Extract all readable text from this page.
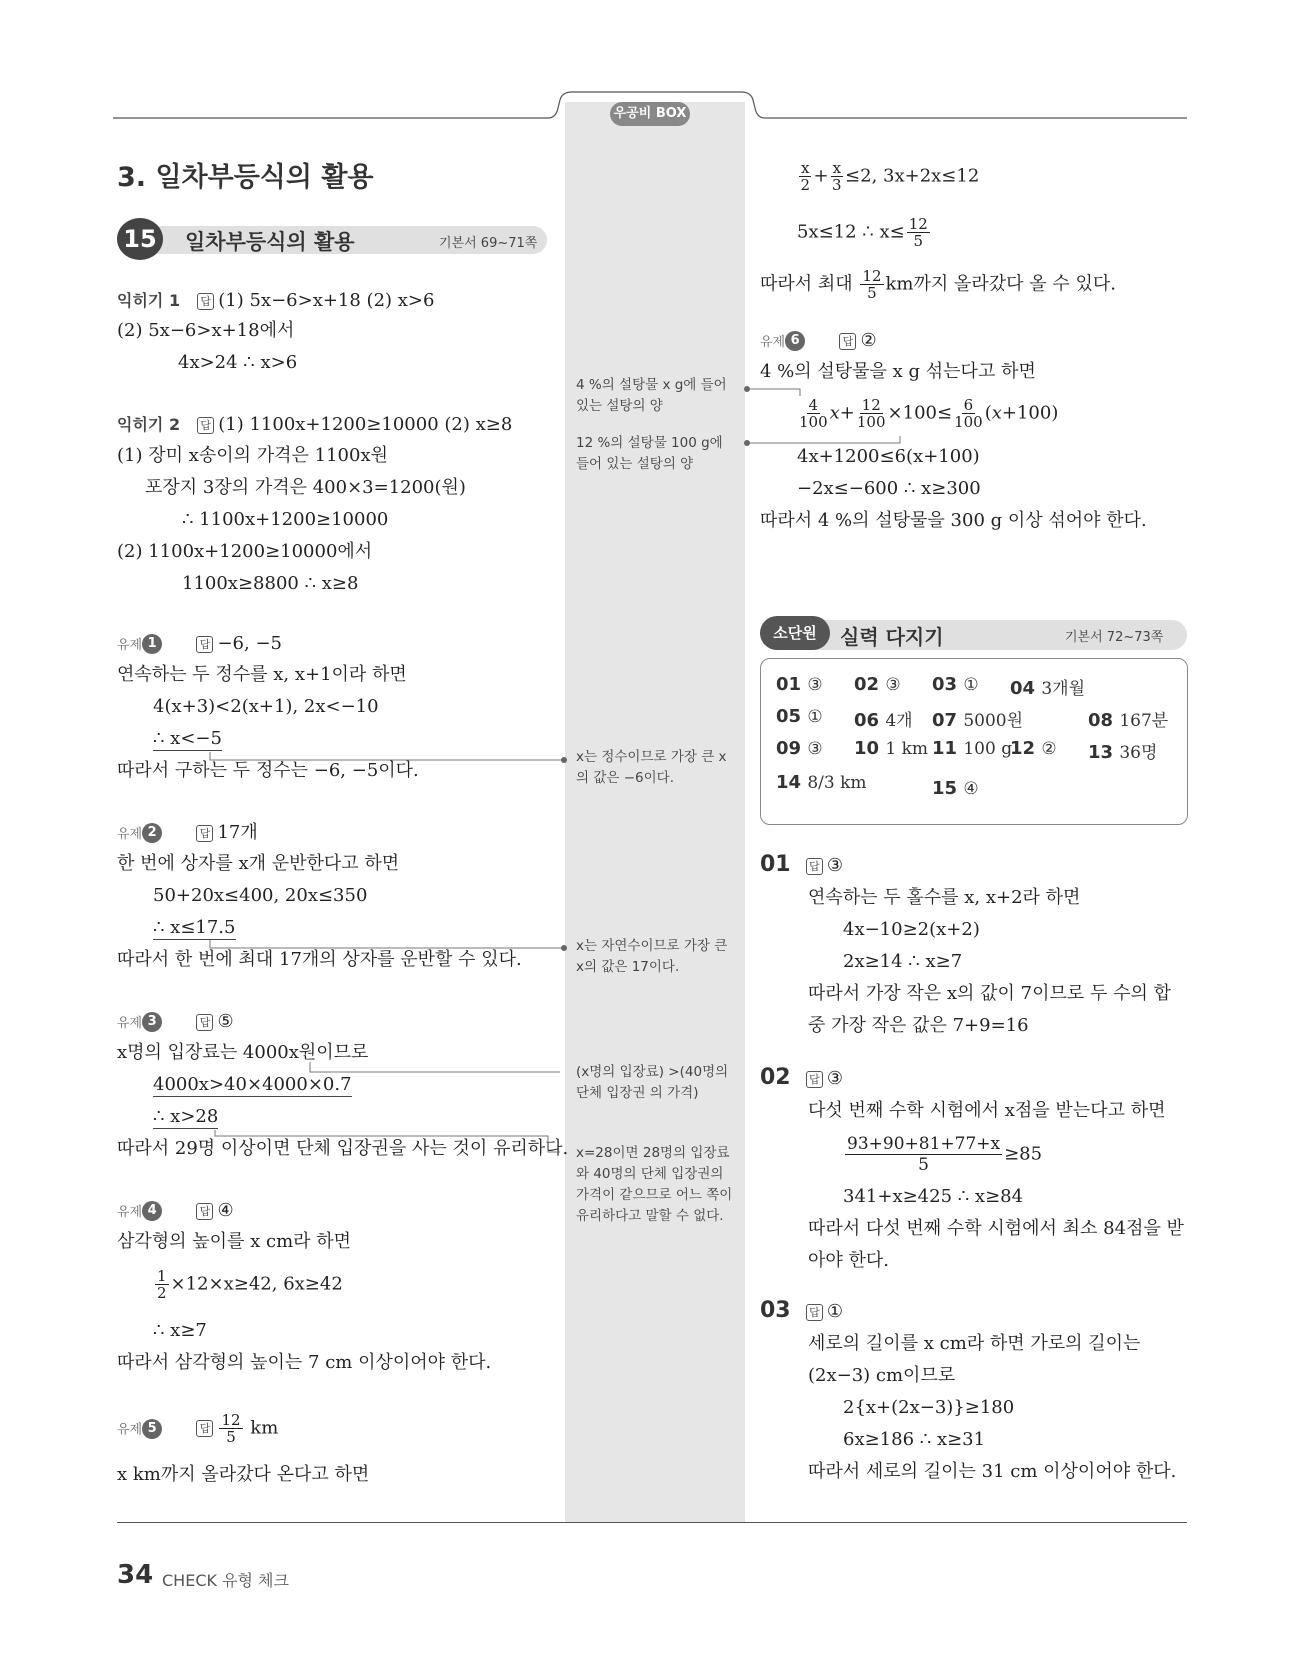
우공비 BOX
3. 일차부등식의 활용
15 일차부등식의 활용	기본서 69~71쪽
익히기 1 답 (1) 5x−6>x+18 (2) x>6
(2) 5x−6>x+18에서
4x>24 ∴ x>6
익히기 2 답 (1) 1100x+1200≥10000 (2) x≥8
(1) 장미 x송이의 가격은 1100x원
포장지 3장의 가격은 400×3=1200(원)
∴ 1100x+1200≥10000
(2) 1100x+1200≥10000에서
1100x≥8800 ∴ x≥8
유제 1	답 −6, −5
연속하는 두 정수를 x, x+1이라 하면
4(x+3)<2(x+1), 2x<−10
∴ x<−5
따라서 구하는 두 정수는 −6, −5이다.
유제 2	답 17개
한 번에 상자를 x개 운반한다고 하면
50+20x≤400, 20x≤350
∴ x≤17.5
따라서 한 번에 최대 17개의 상자를 운반할 수 있다.
유제 3	답 ⑤
x명의 입장료는 4000x원이므로
4000x>40×4000×0.7
∴ x>28
따라서 29명 이상이면 단체 입장권을 사는 것이 유리하다.
유제 4	답 ④
삼각형의 높이를 x cm라 하면
$\frac{1}{2} \times 12\times x\ge 42$, 6x≥42
∴ x≥7
따라서 삼각형의 높이는 7 cm 이상이어야 한다.
유제 5	답 $\frac{12}{5}$ km
x km까지 올라갔다 온다고 하면
4 %의 설탕물 x g에 들어 있는 설탕의 양
12 %의 설탕물 100 g에 들어 있는 설탕의 양
x는 정수이므로 가장 큰 x의 값은 −6이다.
x는 자연수이므로 가장 큰 x의 값은 17이다.
(x명의 입장료) >(40명의 단체 입장권 의 가격)
x=28이면 28명의 입장료와 40명의 단체 입장권의 가격이 같으므로 어느 쪽이 유리하다고 말할 수 없다.
$\frac{x}{2} + \frac{x}{3} \le 2$, 3x+2x≤12
5x≤12 ∴ $x\le \frac{12}{5}$
따라서 최대 $\frac{12}{5}$ km까지 올라갔다 올 수 있다.
유제 6	답 ②
4 %의 설탕물을 x g 섞는다고 하면
$\frac{4}{100} x+ \frac{12}{100} \times 100\le \frac{6}{100} (x+100)$
4x+1200≤6(x+100)
−2x≤−600 ∴ x≥300
따라서 4 %의 설탕물을 300 g 이상 섞어야 한다.
소단원	실력 다지기	기본서 72~73쪽
01 ③ 02 ③ 03 ① 04 3개월
05 ① 06 4개 07 5000원	08 167분
09 ③ 10 1 km 11 100 g
12 ② 13 36명
14 8/3 km	15 ④
01 답 ③
연속하는 두 홀수를 x, x+2라 하면
4x−10≥2(x+2)
2x≥14 ∴ x≥7
따라서 가장 작은 x의 값이 7이므로 두 수의 합
중 가장 작은 값은 7+9=16
02 답 ③
다섯 번째 수학 시험에서 x점을 받는다고 하면
$\frac{93+90+81+77+x}{5} \ge 85$
341+x≥425 ∴ x≥84
따라서 다섯 번째 수학 시험에서 최소 84점을 받
아야 한다.
03 답 ①
세로의 길이를 x cm라 하면 가로의 길이는
(2x−3) cm이므로
2{x+(2x−3)}≥180
6x≥186 ∴ x≥31
따라서 세로의 길이는 31 cm 이상이어야 한다.
34 CHECK 유형 체크
